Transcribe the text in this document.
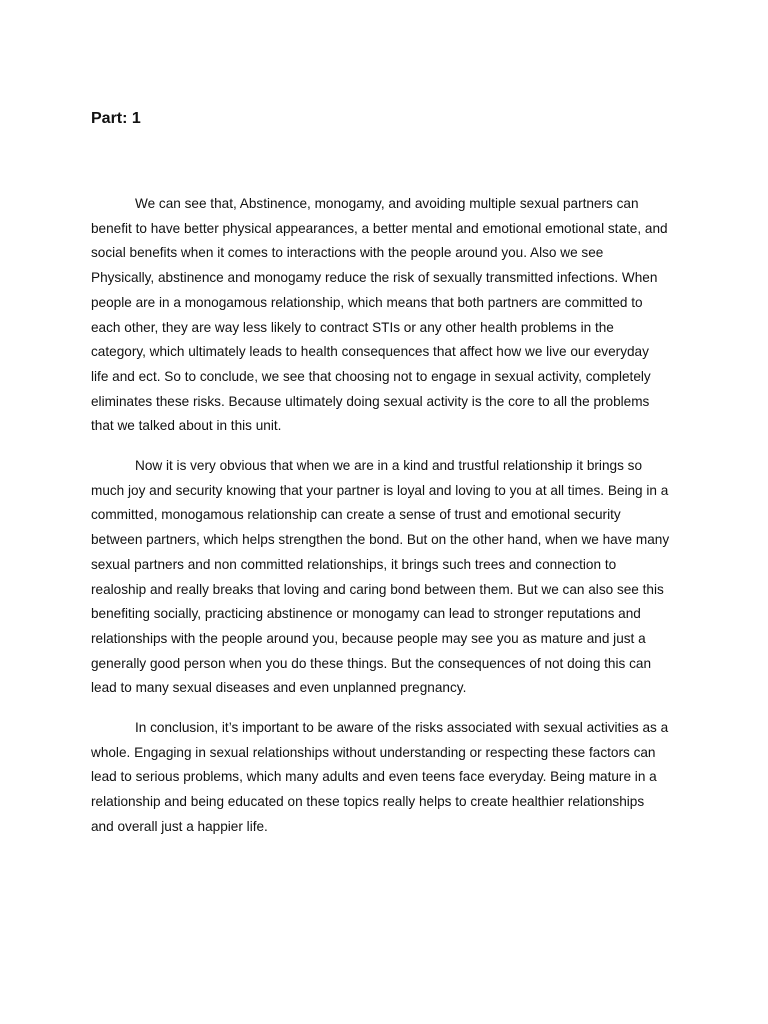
Part: 1

We can see that, Abstinence, monogamy, and avoiding multiple sexual partners can
benefit to have better physical appearances, a better mental and emotional emotional state, and
social benefits when it comes to interactions with the people around you. Also we see
Physically, abstinence and monogamy reduce the risk of sexually transmitted infections. When
people are in a monogamous relationship, which means that both partners are committed to
each other, they are way less likely to contract STIs or any other health problems in the
category, which ultimately leads to health consequences that affect how we live our everyday
life and ect. So to conclude, we see that choosing not to engage in sexual activity, completely
eliminates these risks. Because ultimately doing sexual activity is the core to all the problems
that we talked about in this unit.

Now it is very obvious that when we are in a kind and trustful relationship it brings so
much joy and security knowing that your partner is loyal and loving to you at all times. Being in a
committed, monogamous relationship can create a sense of trust and emotional security
between partners, which helps strengthen the bond. But on the other hand, when we have many
sexual partners and non committed relationships, it brings such trees and connection to
realoship and really breaks that loving and caring bond between them. But we can also see this
benefiting socially, practicing abstinence or monogamy can lead to stronger reputations and
relationships with the people around you, because people may see you as mature and just a
generally good person when you do these things. But the consequences of not doing this can
lead to many sexual diseases and even unplanned pregnancy.

In conclusion, it’s important to be aware of the risks associated with sexual activities as a
whole. Engaging in sexual relationships without understanding or respecting these factors can
lead to serious problems, which many adults and even teens face everyday. Being mature in a
relationship and being educated on these topics really helps to create healthier relationships
and overall just a happier life.
